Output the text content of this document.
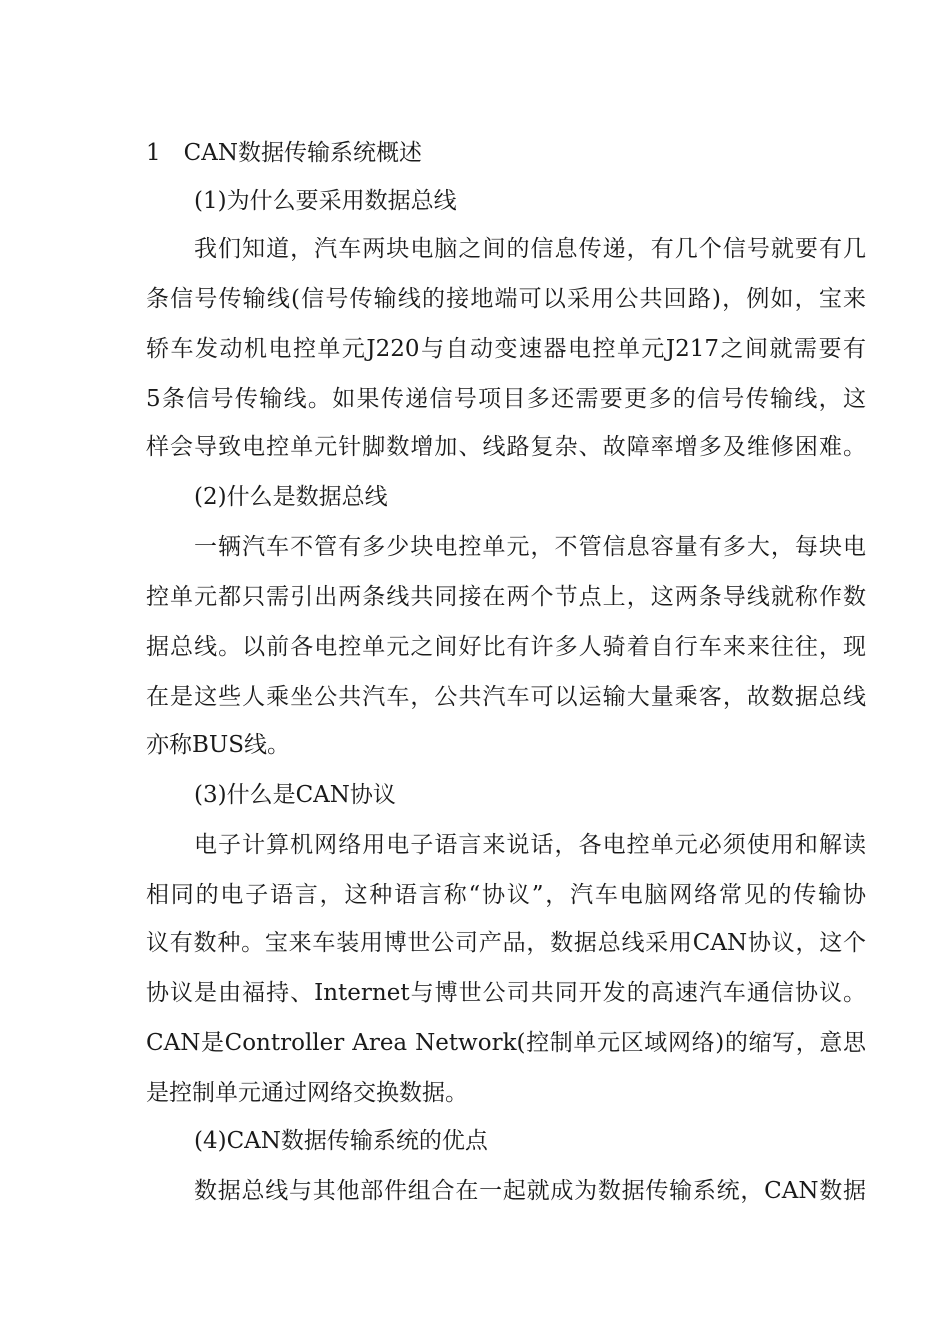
1　CAN数据传输系统概述
(1)为什么要采用数据总线
我们知道，汽车两块电脑之间的信息传递，有几个信号就要有几
条信号传输线(信号传输线的接地端可以采用公共回路)，例如，宝来
轿车发动机电控单元J220与自动变速器电控单元J217之间就需要有
5条信号传输线。如果传递信号项目多还需要更多的信号传输线，这
样会导致电控单元针脚数增加、线路复杂、故障率增多及维修困难。
(2)什么是数据总线
一辆汽车不管有多少块电控单元，不管信息容量有多大，每块电
控单元都只需引出两条线共同接在两个节点上，这两条导线就称作数
据总线。以前各电控单元之间好比有许多人骑着自行车来来往往，现
在是这些人乘坐公共汽车，公共汽车可以运输大量乘客，故数据总线
亦称BUS线。
(3)什么是CAN协议
电子计算机网络用电子语言来说话，各电控单元必须使用和解读
相同的电子语言，这种语言称“协议”，汽车电脑网络常见的传输协
议有数种。宝来车装用博世公司产品，数据总线采用CAN协议，这个
协议是由福持、Internet与博世公司共同开发的高速汽车通信协议。
CAN是Controller Area Network(控制单元区域网络)的缩写，意思
是控制单元通过网络交换数据。
(4)CAN数据传输系统的优点
数据总线与其他部件组合在一起就成为数据传输系统，CAN数据
